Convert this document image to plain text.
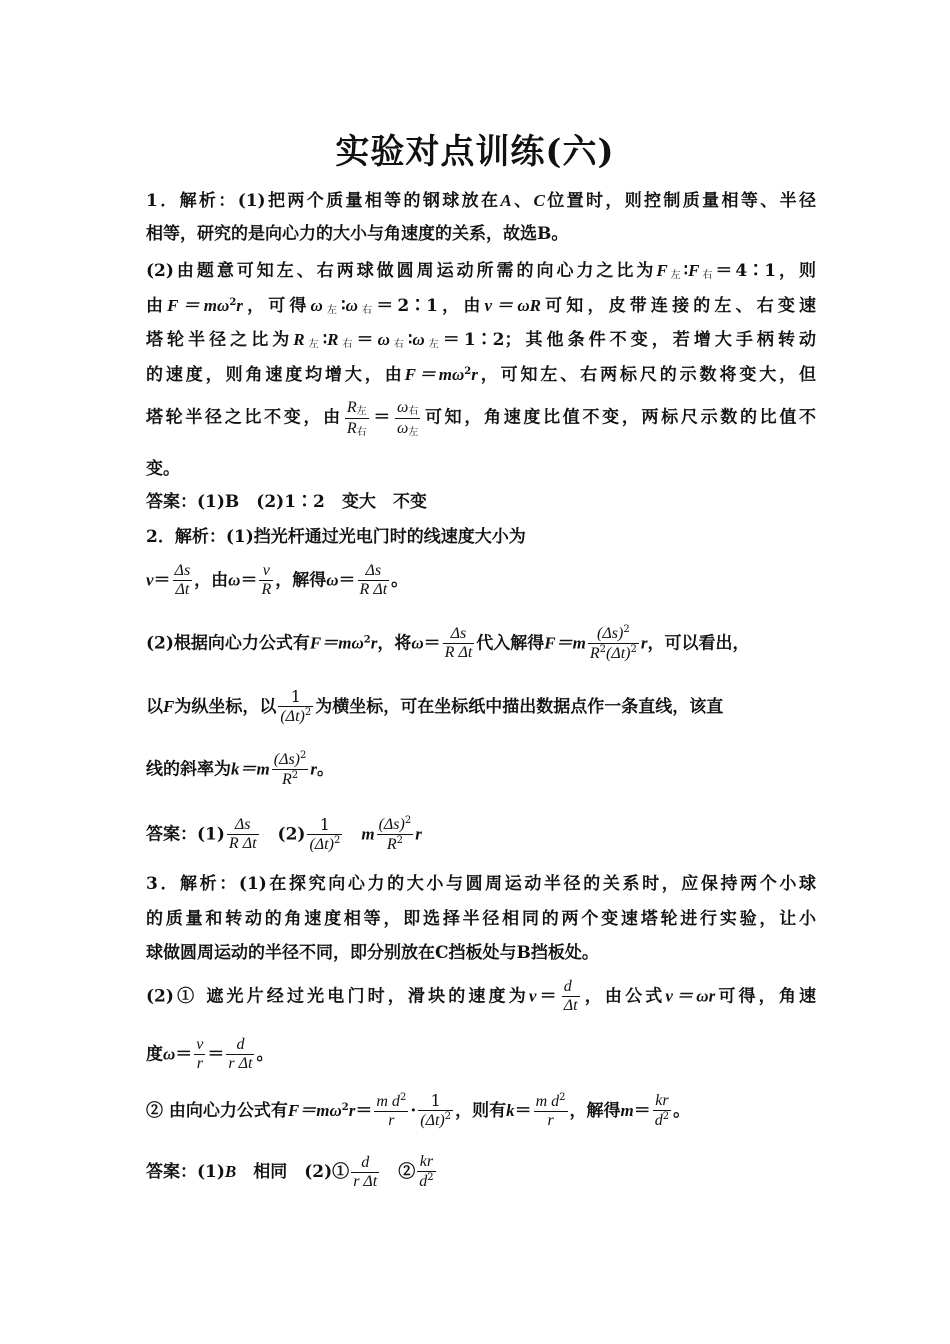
实验对点训练(六)
1．解析：(1)把两个质量相等的钢球放在A、C位置时，则控制质量相等、半径
相等，研究的是向心力的大小与角速度的关系，故选B。
(2)由题意可知左、右两球做圆周运动所需的向心力之比为$F_左∶F_右=4∶1$，则
由$F=m\omega^2r$，可得$\omega_左∶\omega_右=2∶1$，由v＝ωR可知，皮带连接的左、右变速
塔轮半径之比为$R_左∶R_右=\omega_右∶\omega_左=1∶2$；其他条件不变，若增大手柄转动
的速度，则角速度均增大，由$F=m\omega^2r$，可知左、右两标尺的示数将变大，但
塔轮半径之比不变，由 $\frac{R_左}{R_右} = \frac{\omega_右}{\omega_左}$ 可知，角速度比值不变，两标尺示数的比值不
变。
答案：(1)B　(2)1∶2　变大　不变
2．解析：(1)挡光杆通过光电门时的线速度大小为
$v= \frac{\Delta s}{\Delta t}$ ，由$\omega= \frac{v}{R}$ ，解得$\omega= \frac{\Delta s}{\text{R Δt}}$ 。
(2)根据向心力公式有$F=m\omega^2r$，将$\omega= \frac{\Delta s}{\text{R Δt}}$ 代入解得$F=m \frac{(\Delta s)^2}{R^2(\Delta t)^2}$ r，可以看出，
以F为纵坐标，以 $\frac{1}{(\Delta t)^2}$ 为横坐标，可在坐标纸中描出数据点作一条直线，该直
线的斜率为$k=m \frac{(\Delta s)^2}{R^2}$ r。
答案：$(1) \frac{\Delta s}{\text{R Δt}}$
　 $(2) \frac{1}{(\Delta t)^2}$
　 m $\frac{(\Delta s)^2}{R^2}$ r
3．解析：(1)在探究向心力的大小与圆周运动半径的关系时，应保持两个小球
的质量和转动的角速度相等，即选择半径相同的两个变速塔轮进行实验，让小
球做圆周运动的半径不同，即分别放在C挡板处与B挡板处。
(2)① 遮光片经过光电门时，滑块的速度为$v= \frac{d}{\Delta t}$ ，由公式v＝ωr可得，角速
度$\omega= \frac{v}{r} = \frac{d}{\text{r Δt}}$ 。
② 由向心力公式有$F=m\omega^2r= \frac{m d^2}{r} \cdot \frac{1}{(\Delta t)^2}$ ，则有$k= \frac{m d^2}{r}$ ，解得$m= \frac{kr}{d^2}$ 。
答案：(1)B　 相同　 (2)① $\frac{d}{\text{r Δt}}$
　 ② $\frac{kr}{d^2}$
